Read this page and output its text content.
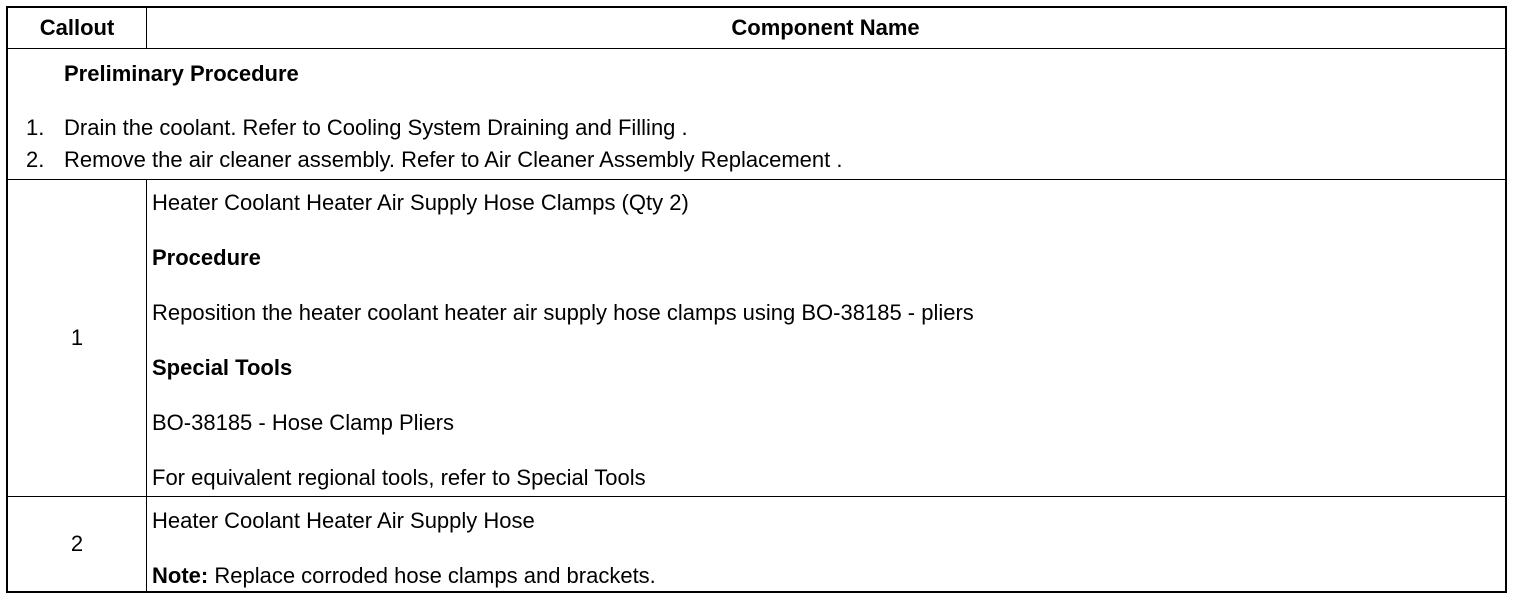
Callout	Component Name
Preliminary Procedure
1. Drain the coolant. Refer to Cooling System Draining and Filling .
2. Remove the air cleaner assembly. Refer to Air Cleaner Assembly Replacement .
1
Heater Coolant Heater Air Supply Hose Clamps (Qty 2)
Procedure
Reposition the heater coolant heater air supply hose clamps using BO-38185 - pliers
Special Tools
BO-38185 - Hose Clamp Pliers
For equivalent regional tools, refer to Special Tools
2
Heater Coolant Heater Air Supply Hose
Note: Replace corroded hose clamps and brackets.
